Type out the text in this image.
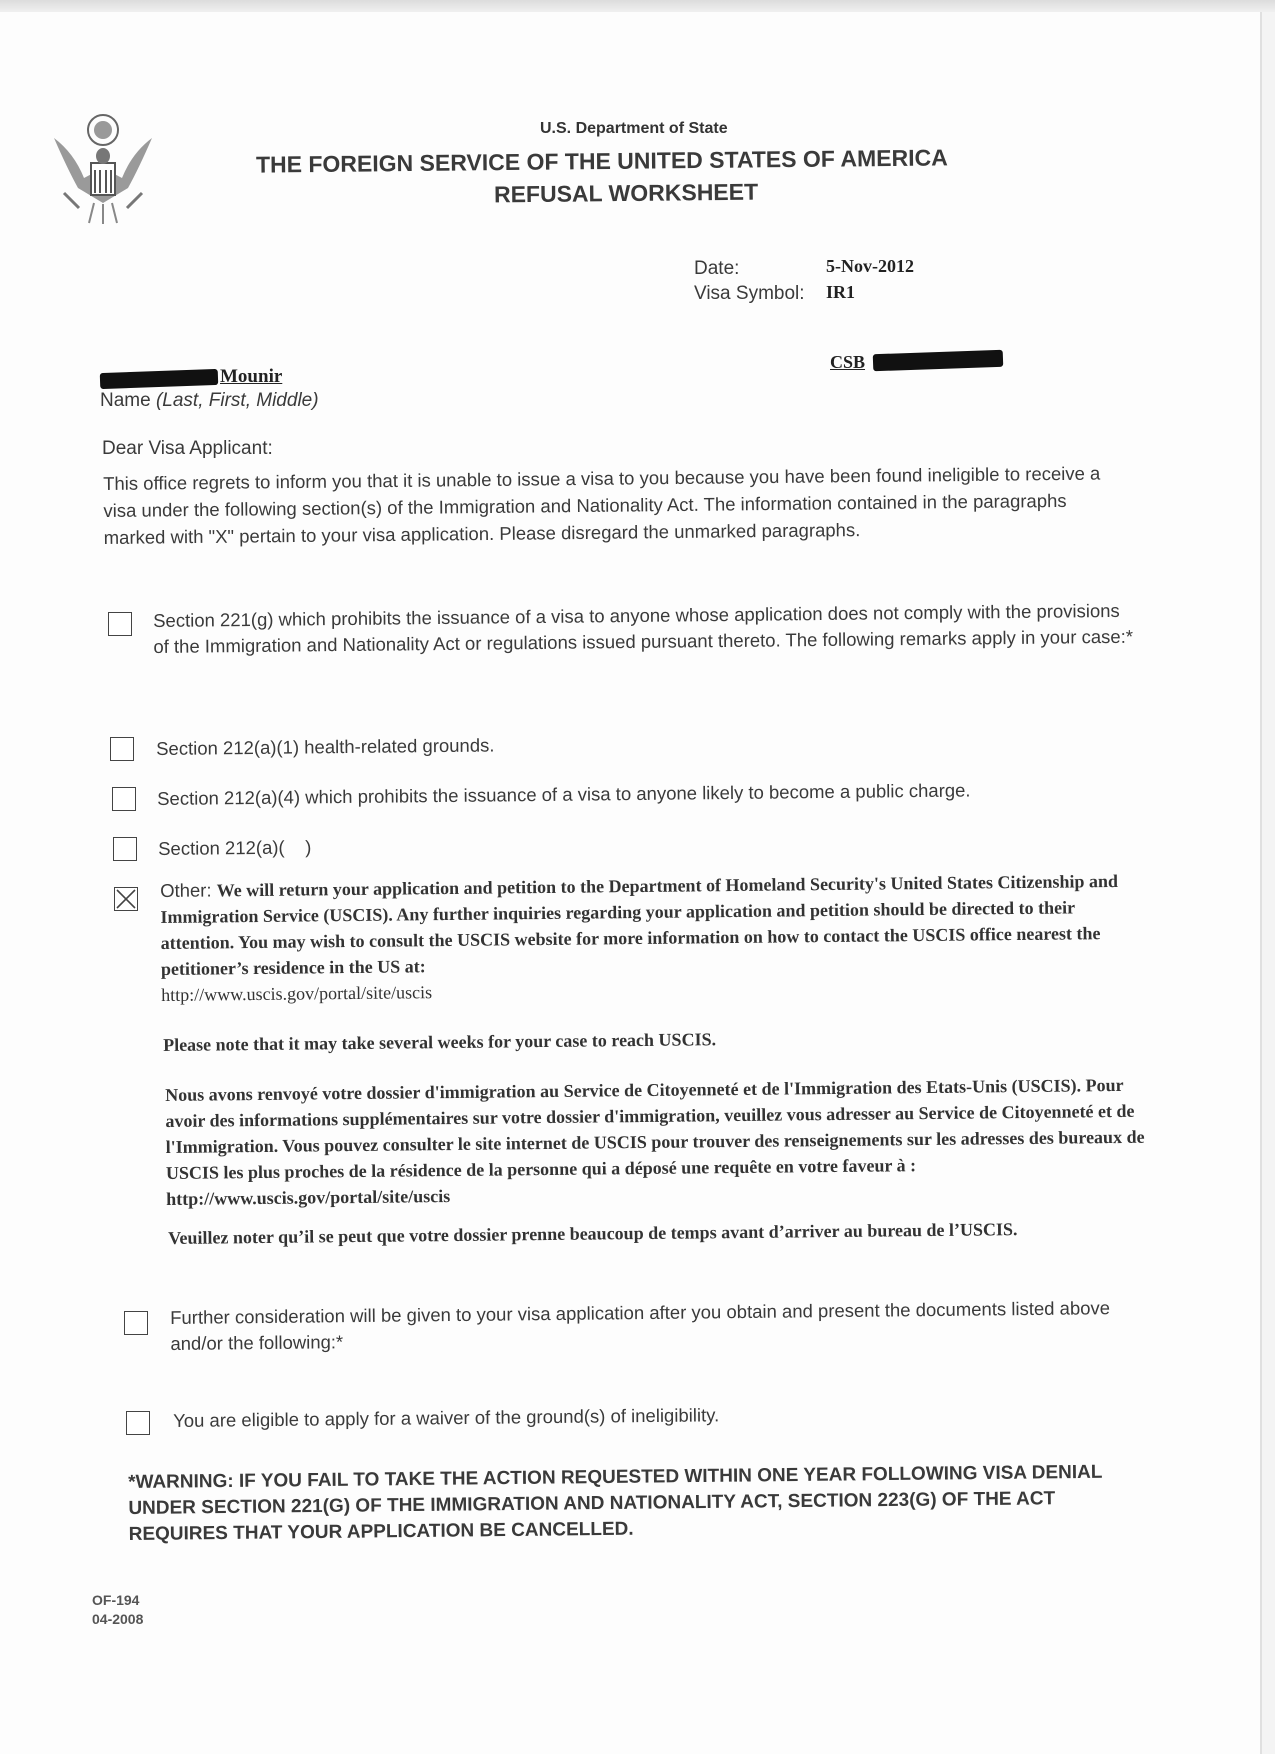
U.S. Department of State
THE FOREIGN SERVICE OF THE UNITED STATES OF AMERICA
REFUSAL WORKSHEET
Date:	5-Nov-2012
Visa Symbol: IR1
CSB
Mounir
Name (Last, First, Middle)
Dear Visa Applicant:
This office regrets to inform you that it is unable to issue a visa to you because you have been found ineligible to receive a visa under the following section(s) of the Immigration and Nationality Act. The information contained in the paragraphs marked with "X" pertain to your visa application. Please disregard the unmarked paragraphs.
Section 221(g) which prohibits the issuance of a visa to anyone whose application does not comply with the provisions of the Immigration and Nationality Act or regulations issued pursuant thereto. The following remarks apply in your case:*
Section 212(a)(1) health-related grounds.
Section 212(a)(4) which prohibits the issuance of a visa to anyone likely to become a public charge.
Section 212(a)(    )
Other: We will return your application and petition to the Department of Homeland Security's United States Citizenship and Immigration Service (USCIS). Any further inquiries regarding your application and petition should be directed to their attention. You may wish to consult the USCIS website for more information on how to contact the USCIS office nearest the petitioner’s residence in the US at:
http://www.uscis.gov/portal/site/uscis
Please note that it may take several weeks for your case to reach USCIS.
Nous avons renvoyé votre dossier d'immigration au Service de Citoyenneté et de l'Immigration des Etats-Unis (USCIS). Pour avoir des informations supplémentaires sur votre dossier d'immigration, veuillez vous adresser au Service de Citoyenneté et de l'Immigration. Vous pouvez consulter le site internet de USCIS pour trouver des renseignements sur les adresses des bureaux de USCIS les plus proches de la résidence de la personne qui a déposé une requête en votre faveur à : http://www.uscis.gov/portal/site/uscis
Veuillez noter qu’il se peut que votre dossier prenne beaucoup de temps avant d’arriver au bureau de l’USCIS.
Further consideration will be given to your visa application after you obtain and present the documents listed above and/or the following:*
You are eligible to apply for a waiver of the ground(s) of ineligibility.
*WARNING: IF YOU FAIL TO TAKE THE ACTION REQUESTED WITHIN ONE YEAR FOLLOWING VISA DENIAL UNDER SECTION 221(G) OF THE IMMIGRATION AND NATIONALITY ACT, SECTION 223(G) OF THE ACT REQUIRES THAT YOUR APPLICATION BE CANCELLED.
OF-194
04-2008
